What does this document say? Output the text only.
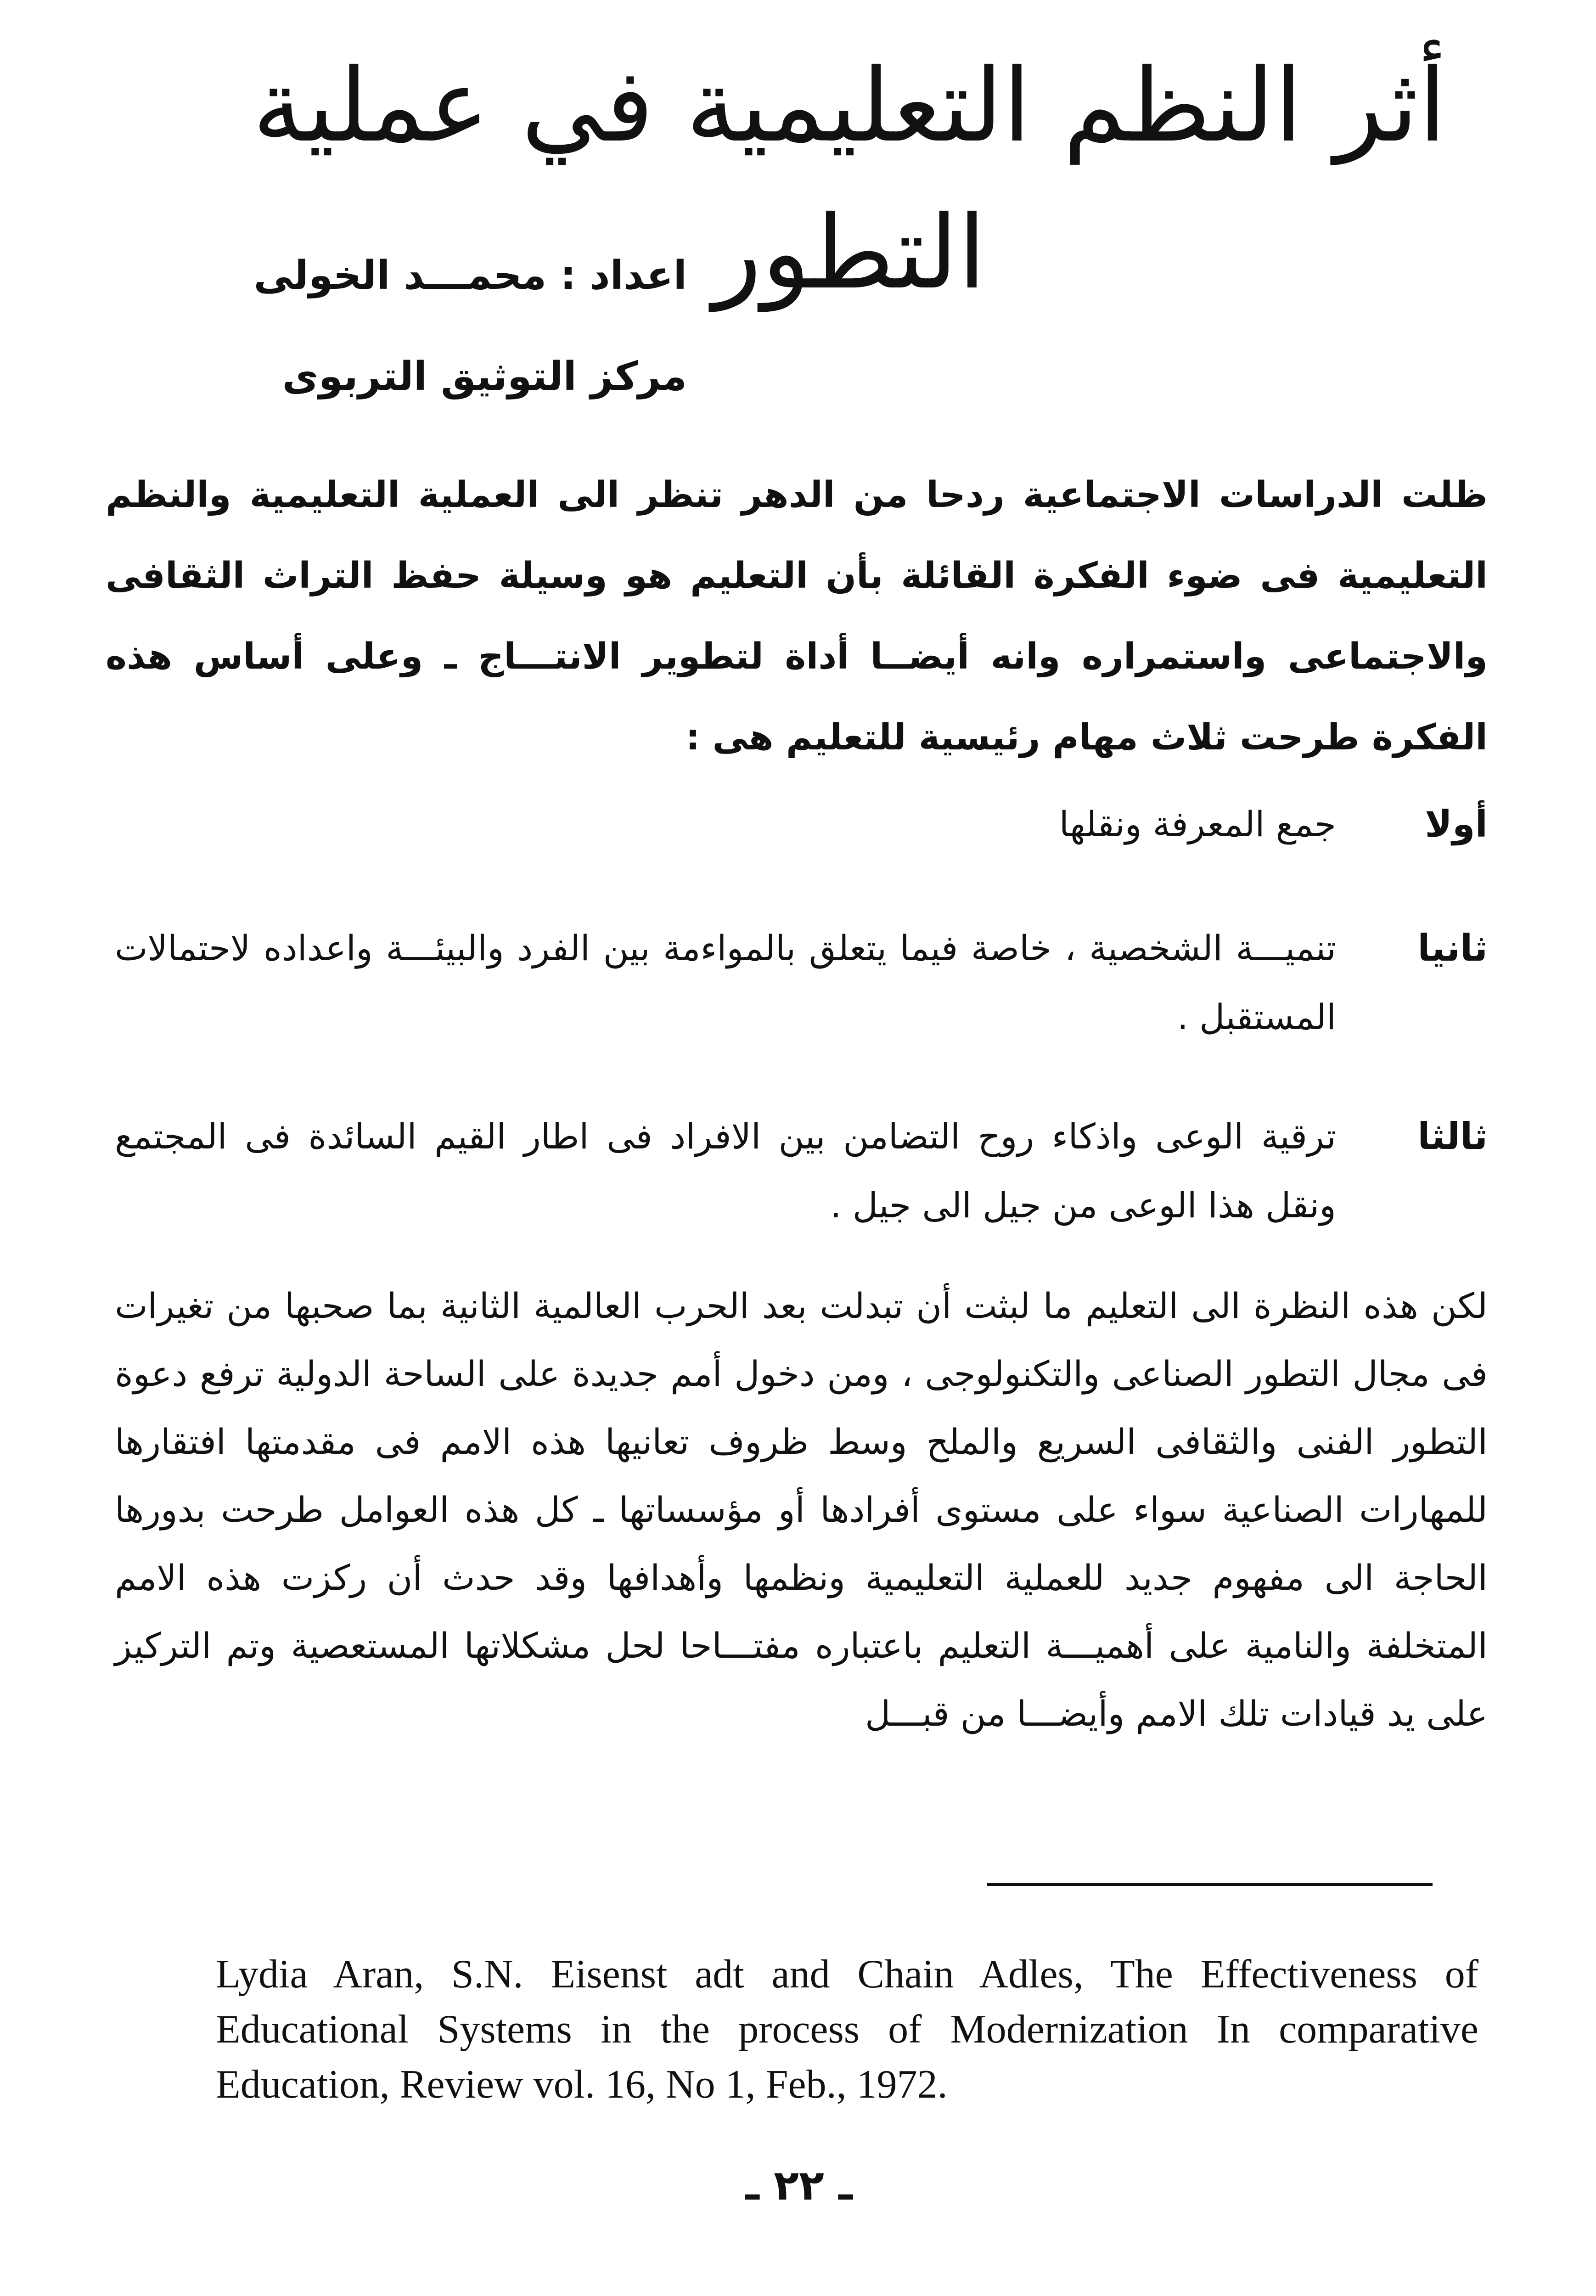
أثر النظم التعليمية في عملية التطور
اعداد : محمـــد الخولى
مركز التوثيق التربوى
ظلت الدراسات الاجتماعية ردحا من الدهر تنظر الى العملية التعليمية والنظم التعليمية فى ضوء الفكرة القائلة بأن التعليم هو وسيلة حفظ التراث الثقافى والاجتماعى واستمراره وانه أيضــا أداة لتطوير الانتـــاج ـ وعلى أساس هذه الفكرة طرحت ثلاث مهام رئيسية للتعليم هى :
أولا
جمع المعرفة ونقلها
ثانيا
تنميـــة الشخصية ، خاصة فيما يتعلق بالمواءمة بين الفرد والبيئـــة واعداده لاحتمالات المستقبل .
ثالثا
ترقية الوعى واذكاء روح التضامن بين الافراد فى اطار القيم السائدة فى المجتمع ونقل هذا الوعى من جيل الى جيل .
لكن هذه النظرة الى التعليم ما لبثت أن تبدلت بعد الحرب العالمية الثانية بما صحبها من تغيرات فى مجال التطور الصناعى والتكنولوجى ، ومن دخول أمم جديدة على الساحة الدولية ترفع دعوة التطور الفنى والثقافى السريع والملح وسط ظروف تعانيها هذه الامم فى مقدمتها افتقارها للمهارات الصناعية سواء على مستوى أفرادها أو مؤسساتها ـ كل هذه العوامل طرحت بدورها الحاجة الى مفهوم جديد للعملية التعليمية ونظمها وأهدافها وقد حدث أن ركزت هذه الامم المتخلفة والنامية على أهميـــة التعليم باعتباره مفتـــاحا لحل مشكلاتها المستعصية وتم التركيز على يد قيادات تلك الامم وأيضـــا من قبـــل
Lydia Aran, S.N. Eisenst adt and Chain Adles, The Effectiveness of Educational Systems in the process of Modernization In comparative Education, Review vol. 16, No 1, Feb., 1972.
ـ ٢٢ ـ
